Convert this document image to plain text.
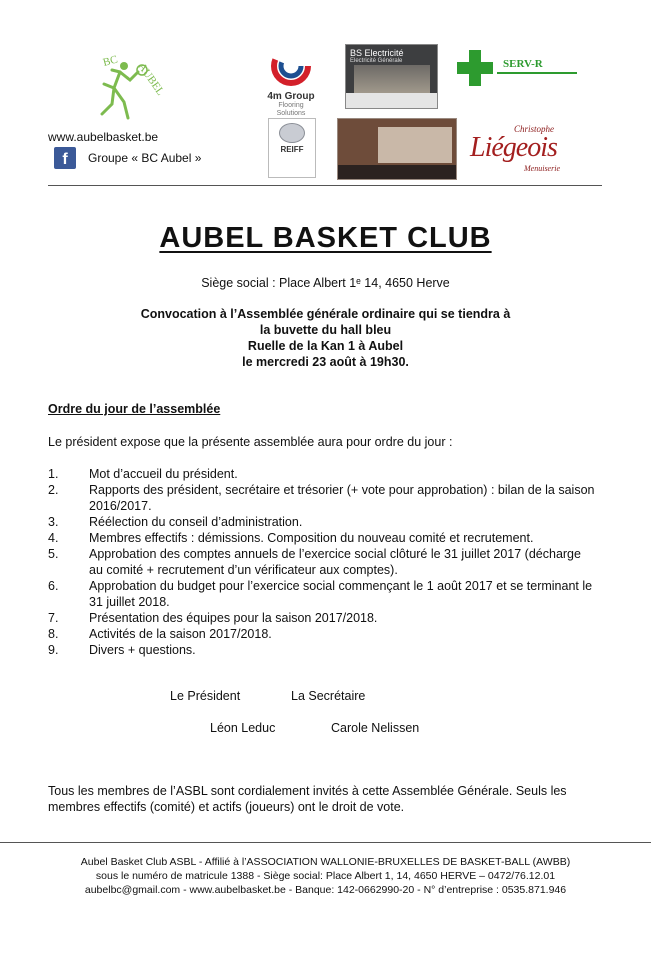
BC AUBEL
www.aubelbasket.be
f	Groupe « BC Aubel »
4m Group
Flooring Solutions
BS Electricité
Electricité Générale	SERV-R
REIFF
Christophe
Liégeois
Menuiserie
AUBEL BASKET CLUB
Siège social : Place Albert 1ᵉ 14, 4650 Herve
Convocation à l’Assemblée générale ordinaire qui se tiendra à
la buvette du hall bleu
Ruelle de la Kan 1 à Aubel
le mercredi 23 août à 19h30.
Ordre du jour de l’assemblée
Le président expose que la présente assemblée aura pour ordre du jour :
1.	Mot d’accueil du président.
2.	Rapports des président, secrétaire et trésorier (+ vote pour approbation) : bilan de la saison 2016/2017.
3.	Réélection du conseil d’administration.
4.	Membres effectifs : démissions. Composition du nouveau comité et recrutement.
5.	Approbation des comptes annuels de l’exercice social clôturé le 31 juillet 2017 (décharge au comité + recrutement d’un vérificateur aux comptes).
6.	Approbation du budget pour l’exercice social commençant le 1 août 2017 et se terminant le 31 juillet 2018.
7.	Présentation des équipes pour la saison 2017/2018.
8.	Activités de la saison 2017/2018.
9.	Divers + questions.
Le Président	La Secrétaire
Léon Leduc	Carole Nelissen
Tous les membres de l’ASBL sont cordialement invités à cette Assemblée Générale. Seuls les membres effectifs (comité) et actifs (joueurs) ont le droit de vote.
Aubel Basket Club ASBL - Affilié à l’ASSOCIATION WALLONIE-BRUXELLES DE BASKET-BALL (AWBB)
sous le numéro de matricule 1388 - Siège social: Place Albert 1, 14, 4650 HERVE – 0472/76.12.01
aubelbc@gmail.com - www.aubelbasket.be - Banque: 142-0662990-20 - N° d’entreprise : 0535.871.946
